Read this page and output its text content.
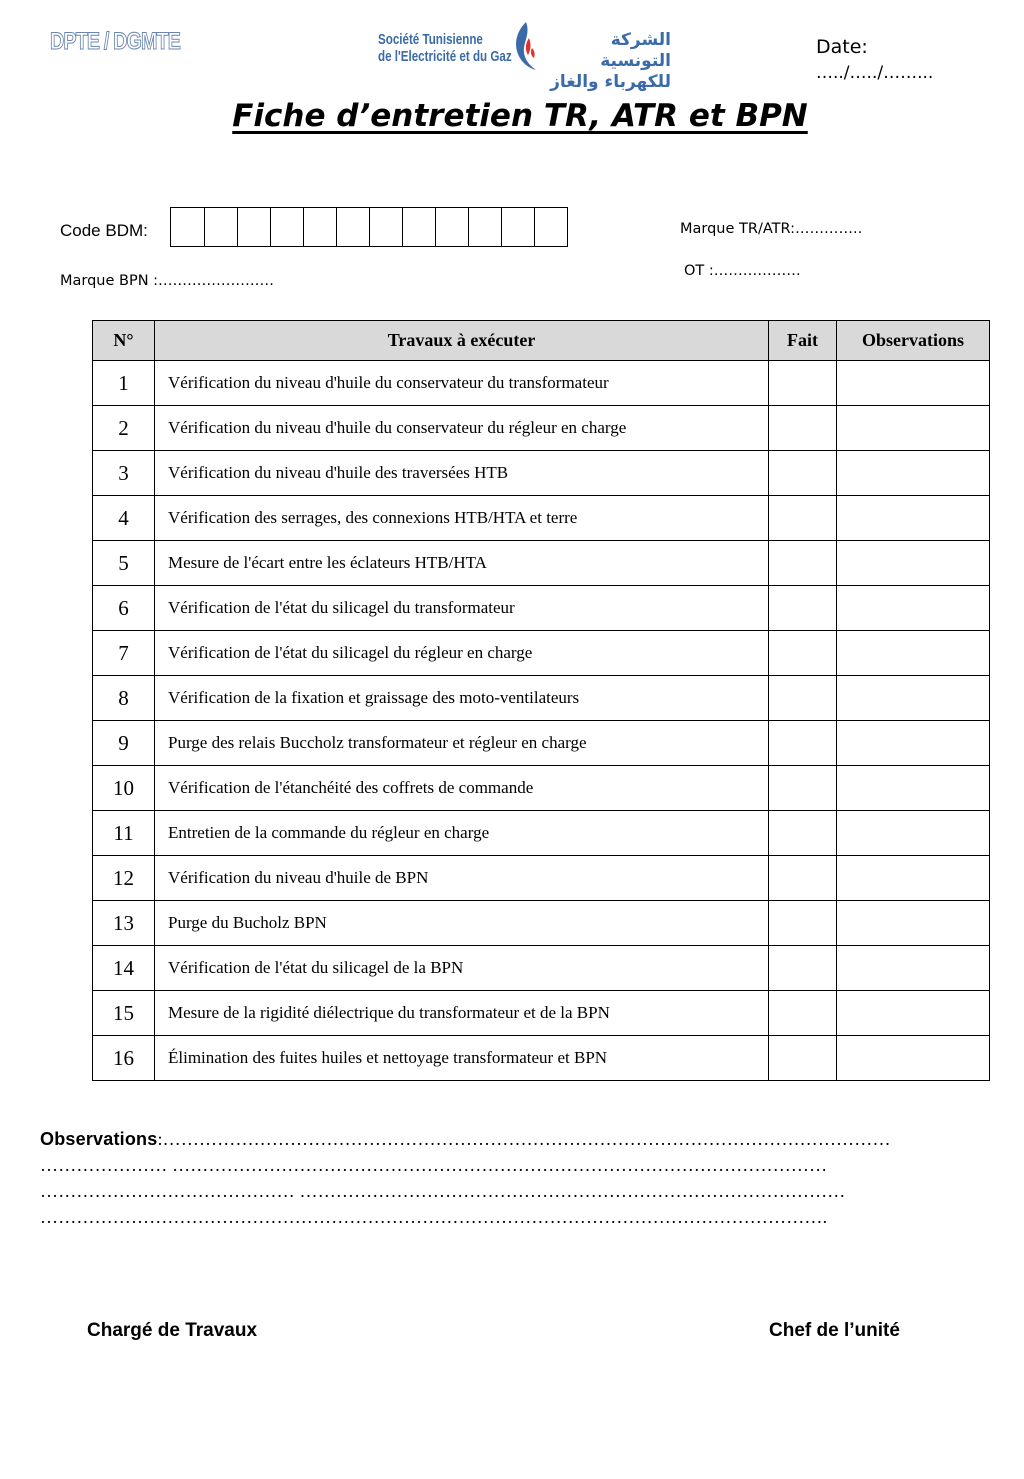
DPTE / DGMTE	Société Tunisienne
de l'Electricité et du Gaz
الشركة التونسية
للكهرباء والغاز
Date:
…../…../……...
Fiche d’entretien TR, ATR et BPN
Code BDM:	Marque TR/ATR:…………..
OT :………………
Marque BPN :……………………
N°	Travaux à exécuter	Fait	Observations
1	Vérification du niveau d'huile du conservateur du transformateur		
2	Vérification du niveau d'huile du conservateur du régleur en charge		
3	Vérification du niveau d'huile des traversées HTB		
4	Vérification des serrages, des connexions HTB/HTA et terre		
5	Mesure de l'écart entre les éclateurs HTB/HTA		
6	Vérification de l'état du silicagel du transformateur		
7	Vérification de l'état du silicagel du régleur en charge		
8	Vérification de la fixation et graissage des moto-ventilateurs		
9	Purge des relais Buccholz transformateur et régleur en charge		
10	Vérification de l'étanchéité des coffrets de commande		
11	Entretien de la commande du régleur en charge		
12	Vérification du niveau d'huile de BPN		
13	Purge du Bucholz BPN		
14	Vérification de l'état du silicagel de la BPN		
15	Mesure de la rigidité diélectrique du transformateur et de la BPN		
16	Élimination des fuites huiles et nettoyage transformateur et BPN		
Observations:…………………………………………………………………………………………………………
………………… ………………………………………………………………………………………………
…………………………………… ………………………………………………………………………………
………………………………………………………………………………………………………………….
Chargé de Travaux	Chef de l’unité
